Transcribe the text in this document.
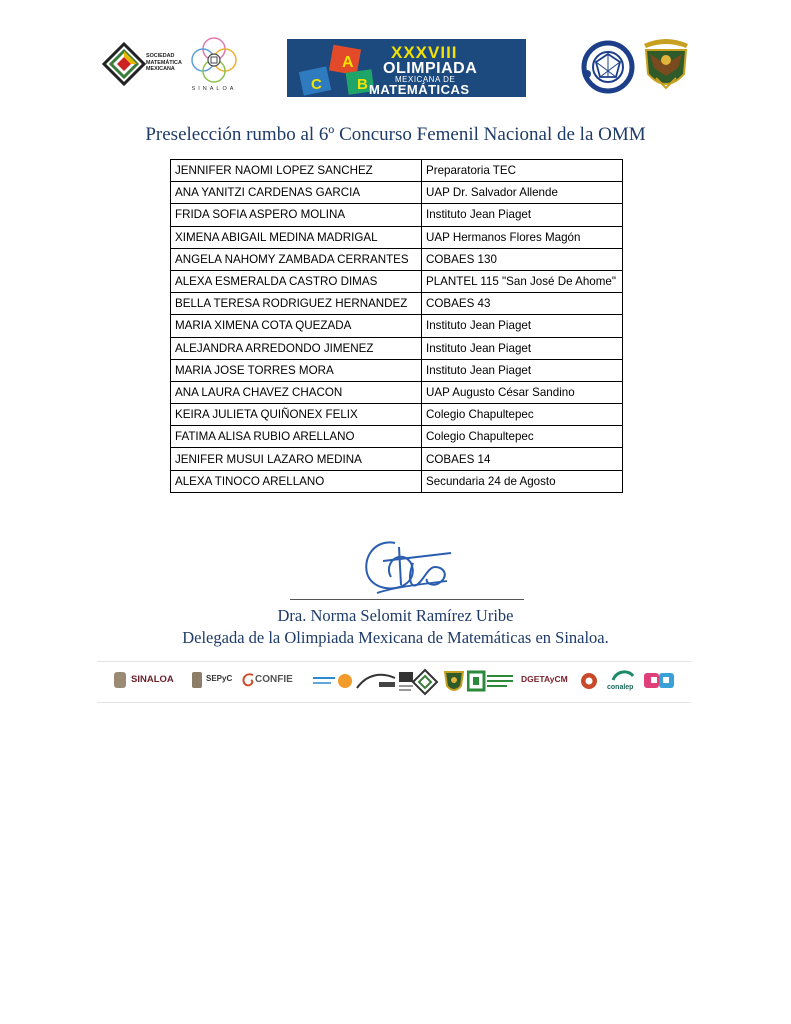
SOCIEDAD MATEMÁTICA MEXICANA
SINALOA
A
B
C
XXXVIII
OLIMPIADA
MEXICANA DE
MATEMÁTICAS
Preselección rumbo al 6º Concurso Femenil Nacional de la OMM
JENNIFER NAOMI LOPEZ SANCHEZ	Preparatoria TEC
ANA YANITZI CARDENAS GARCIA	UAP Dr. Salvador Allende
FRIDA SOFIA ASPERO MOLINA	Instituto Jean Piaget
XIMENA ABIGAIL MEDINA MADRIGAL	UAP Hermanos Flores Magón
ANGELA NAHOMY ZAMBADA CERRANTES	COBAES 130
ALEXA ESMERALDA CASTRO DIMAS	PLANTEL 115 "San José De Ahome"
BELLA TERESA RODRIGUEZ HERNANDEZ	COBAES 43
MARIA XIMENA COTA QUEZADA	Instituto Jean Piaget
ALEJANDRA ARREDONDO JIMENEZ	Instituto Jean Piaget
MARIA JOSE TORRES MORA	Instituto Jean Piaget
ANA LAURA CHAVEZ CHACON	UAP Augusto César Sandino
KEIRA JULIETA QUIÑONEX FELIX	Colegio Chapultepec
FATIMA ALISA RUBIO ARELLANO	Colegio Chapultepec
JENIFER MUSUI LAZARO MEDINA	COBAES 14
ALEXA TINOCO ARELLANO	Secundaria 24 de Agosto
Dra. Norma Selomit Ramírez Uribe
Delegada de la Olimpiada Mexicana de Matemáticas en Sinaloa.
SINALOA	SEPyC CONFIE	DGETAyCM
conalep
